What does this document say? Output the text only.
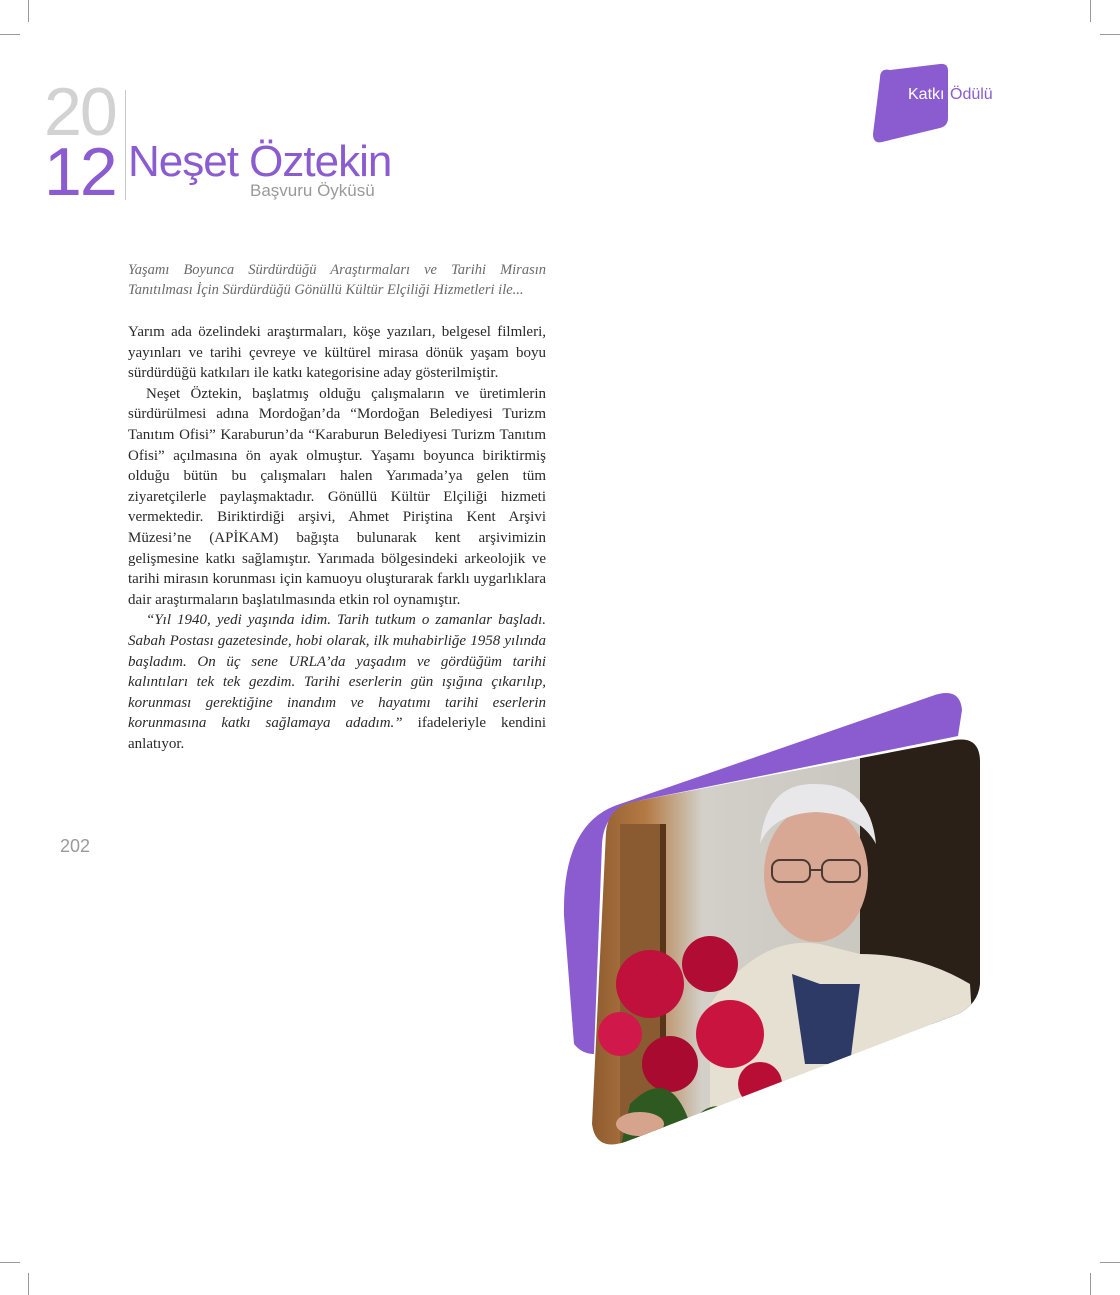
20
12 Neşet Öztekin
Başvuru Öyküsü
Katkı Ödülü

Yaşamı Boyunca Sürdürdüğü Araştırmaları ve Tarihi Mirasın Tanıtılması İçin Sürdürdüğü Gönüllü Kültür Elçiliği Hizmetleri ile...

Yarım ada özelindeki araştırmaları, köşe yazıları, belgesel filmleri, yayınları ve tarihi çevreye ve kültürel mirasa dönük yaşam boyu sürdürdüğü katkıları ile katkı kategorisine aday gösterilmiştir.

Neşet Öztekin, başlatmış olduğu çalışmaların ve üretimlerin sürdürülmesi adına Mordoğan’da “Mordoğan Belediyesi Turizm Tanıtım Ofisi” Karaburun’da “Karaburun Belediyesi Turizm Tanıtım Ofisi” açılmasına ön ayak olmuştur. Yaşamı boyunca biriktirmiş olduğu bütün bu çalışmaları halen Yarımada’ya gelen tüm ziyaretçilerle paylaşmaktadır. Gönüllü Kültür Elçiliği hizmeti vermektedir. Biriktirdiği arşivi, Ahmet Piriştina Kent Arşivi Müzesi’ne (APİKAM) bağışta bulunarak kent arşivimizin gelişmesine katkı sağlamıştır. Yarımada bölgesindeki arkeolojik ve tarihi mirasın korunması için kamuoyu oluşturarak farklı uygarlıklara dair araştırmaların başlatılmasında etkin rol oynamıştır.

“Yıl 1940, yedi yaşında idim. Tarih tutkum o zamanlar başladı. Sabah Postası gazetesinde, hobi olarak, ilk muhabirliğe 1958 yılında başladım. On üç sene URLA’da yaşadım ve gördüğüm tarihi kalıntıları tek tek gezdim. Tarihi eserlerin gün ışığına çıkarılıp, korunması gerektiğine inandım ve hayatımı tarihi eserlerin korunmasına katkı sağlamaya adadım.” ifadeleriyle kendini anlatıyor.

202
